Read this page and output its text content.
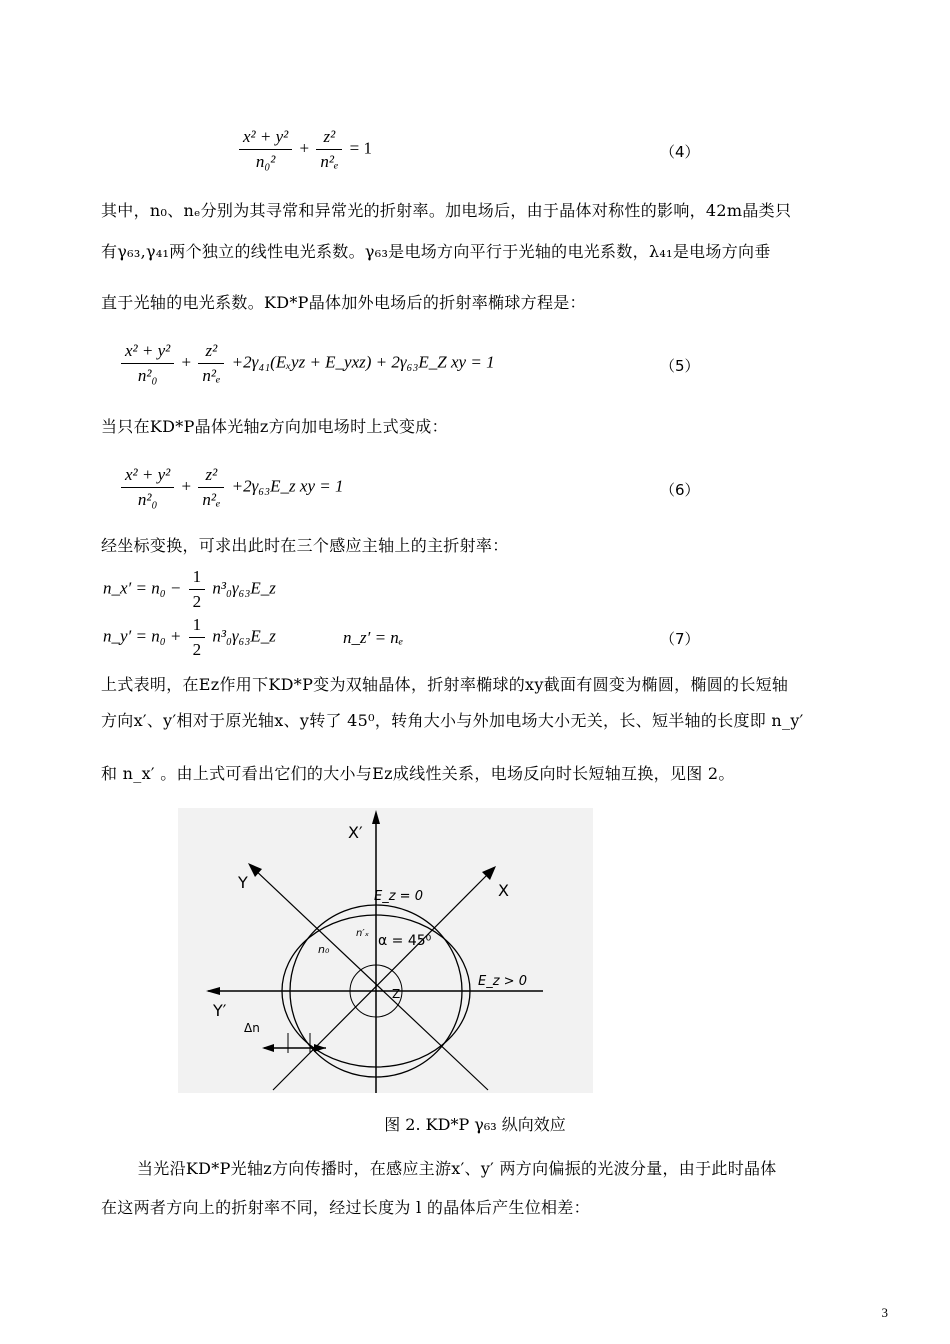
$\frac{\text{x² + y²}}{\text{n₀²}} + \frac{\text{z²}}{\text{n²ₑ}} = 1$	（4）
其中，n₀、nₑ分别为其寻常和异常光的折射率。加电场后，由于晶体对称性的影响，42m晶类只
有γ₆₃,γ₄₁两个独立的线性电光系数。γ₆₃是电场方向平行于光轴的电光系数，λ₄₁是电场方向垂
直于光轴的电光系数。KD*P晶体加外电场后的折射率椭球方程是：
$\frac{\text{x² + y²}}{\text{n²₀}} + \frac{\text{z²}}{\text{n²ₑ}} +2\gamma_{41}(E_xyz$ + E_yxz) + 2γ₆₃E_Z xy = 1	（5）
当只在KD*P晶体光轴z方向加电场时上式变成：
$\frac{\text{x² + y²}}{\text{n²₀}} + \frac{\text{z²}}{\text{n²ₑ}}$ +2γ₆₃E_z xy = 1	（6）
经坐标变换，可求出此时在三个感应主轴上的主折射率：
n_x′ = $n_0 - \frac{1}{2}$ n³₀γ₆₃E_z
n_y′ = $n_0 + \frac{1}{2}$ n³₀γ₆₃E_z	n_z′ = nₑ	（7）
上式表明，在Ez作用下KD*P变为双轴晶体，折射率椭球的xy截面有圆变为椭圆，椭圆的长短轴
方向x′、y′相对于原光轴x、y转了 45⁰，转角大小与外加电场大小无关，长、短半轴的长度即 n_y′
和 n_x′ 。由上式可看出它们的大小与Ez成线性关系，电场反向时长短轴互换，见图 2。
X′
Y	X
Y′
E_z = 0
E_z > 0
α = 45⁰
n′ₓ
n₀
Z
Δn
图 2. KD*P γ₆₃ 纵向效应
当光沿KD*P光轴z方向传播时，在感应主游x′、y′ 两方向偏振的光波分量，由于此时晶体
在这两者方向上的折射率不同，经过长度为 l 的晶体后产生位相差：
3
